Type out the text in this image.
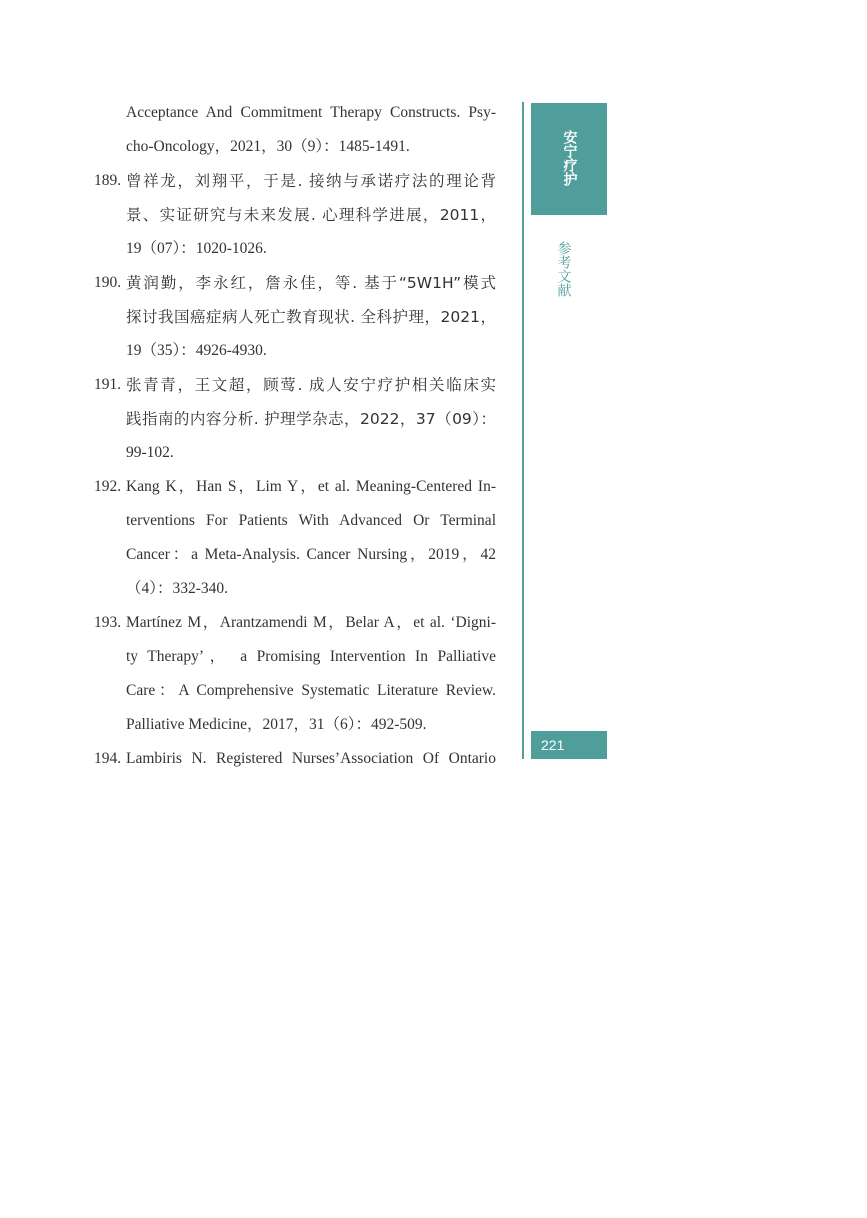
Acceptance And Commitment Therapy Constructs. Psy-
cho-Oncology，2021，30（9）：1485-1491.
189. 曾祥龙，刘翔平，于是. 接纳与承诺疗法的理论背
景、实证研究与未来发展. 心理科学进展，2011，
19（07）：1020-1026.
190. 黄润勤，李永红，詹永佳，等. 基于“5W1H”模式
探讨我国癌症病人死亡教育现状. 全科护理，2021，
19（35）：4926-4930.
191. 张青青，王文超，顾莺. 成人安宁疗护相关临床实
践指南的内容分析. 护理学杂志，2022，37（09）：
99-102.
192. Kang K，Han S，Lim Y，et al. Meaning-Centered In-
terventions For Patients With Advanced Or Terminal
Cancer：a Meta-Analysis. Cancer Nursing，2019，42
（4）：332-340.
193. Martínez M，Arantzamendi M，Belar A，et al. ‘Digni-
ty Therapy’， a Promising Intervention In Palliative
Care：A Comprehensive Systematic Literature Review.
Palliative Medicine，2017，31（6）：492-509.
194. Lambiris N. Registered Nurses’Association Of Ontario
安宁疗护
参考文献
221
